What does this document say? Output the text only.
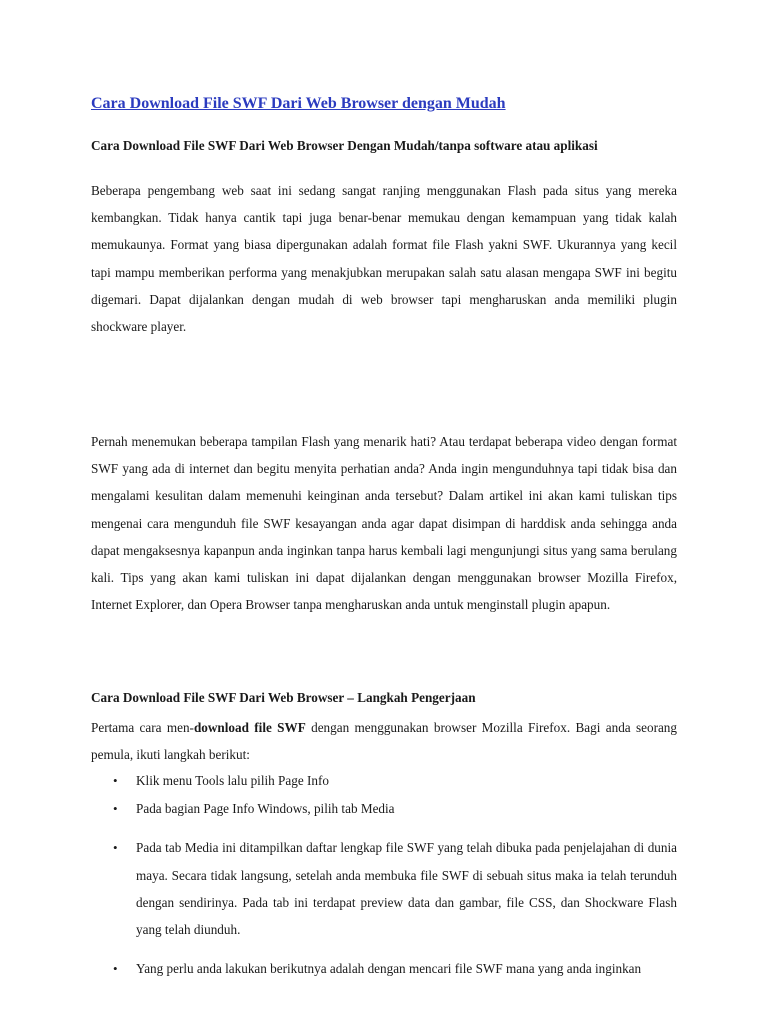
Cara Download File SWF Dari Web Browser dengan Mudah

Cara Download File SWF Dari Web Browser Dengan Mudah/tanpa software atau aplikasi

Beberapa pengembang web saat ini sedang sangat ranjing menggunakan Flash pada situs yang mereka kembangkan. Tidak hanya cantik tapi juga benar-benar memukau dengan kemampuan yang tidak kalah memukaunya. Format yang biasa dipergunakan adalah format file Flash yakni SWF. Ukurannya yang kecil tapi mampu memberikan performa yang menakjubkan merupakan salah satu alasan mengapa SWF ini begitu digemari. Dapat dijalankan dengan mudah di web browser tapi mengharuskan anda memiliki plugin shockware player.

Pernah menemukan beberapa tampilan Flash yang menarik hati? Atau terdapat beberapa video dengan format SWF yang ada di internet dan begitu menyita perhatian anda? Anda ingin mengunduhnya tapi tidak bisa dan mengalami kesulitan dalam memenuhi keinginan anda tersebut? Dalam artikel ini akan kami tuliskan tips mengenai cara mengunduh file SWF kesayangan anda agar dapat disimpan di harddisk anda sehingga anda dapat mengaksesnya kapanpun anda inginkan tanpa harus kembali lagi mengunjungi situs yang sama berulang kali. Tips yang akan kami tuliskan ini dapat dijalankan dengan menggunakan browser Mozilla Firefox, Internet Explorer, dan Opera Browser tanpa mengharuskan anda untuk menginstall plugin apapun.

Cara Download File SWF Dari Web Browser – Langkah Pengerjaan

Pertama cara men-download file SWF dengan menggunakan browser Mozilla Firefox. Bagi anda seorang pemula, ikuti langkah berikut:

• Klik menu Tools lalu pilih Page Info
• Pada bagian Page Info Windows, pilih tab Media
• Pada tab Media ini ditampilkan daftar lengkap file SWF yang telah dibuka pada penjelajahan di dunia maya. Secara tidak langsung, setelah anda membuka file SWF di sebuah situs maka ia telah terunduh dengan sendirinya. Pada tab ini terdapat preview data dan gambar, file CSS, dan Shockware Flash yang telah diunduh.
• Yang perlu anda lakukan berikutnya adalah dengan mencari file SWF mana yang anda inginkan
